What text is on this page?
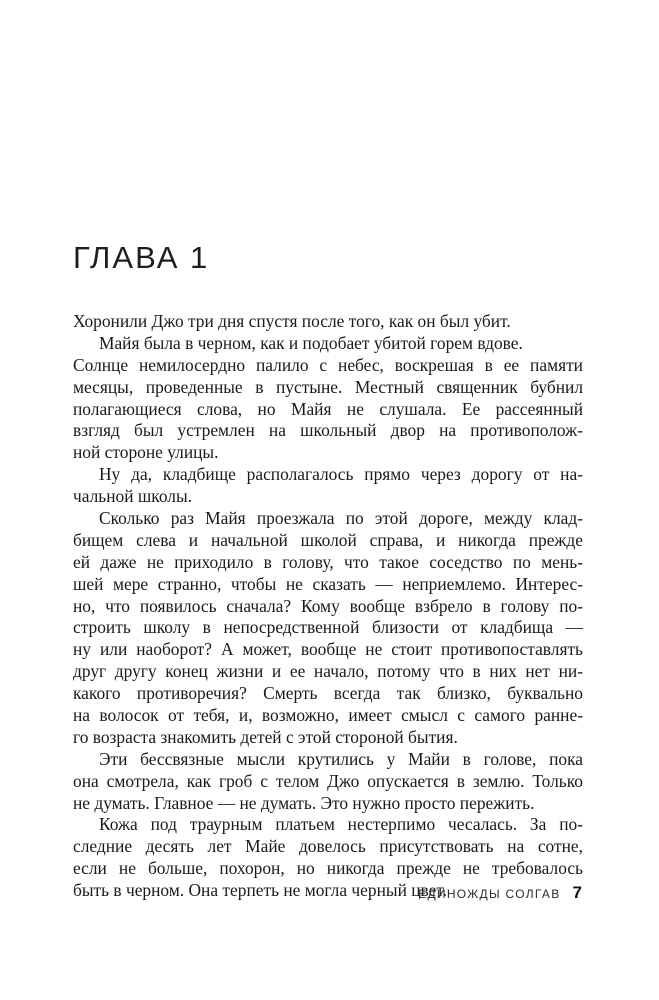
ГЛАВА 1
Хоронили Джо три дня спустя после того, как он был убит.
Майя была в черном, как и подобает убитой горем вдове.
Солнце немилосердно палило с небес, воскрешая в ее памяти
месяцы, проведенные в пустыне. Местный священник бубнил
полагающиеся слова, но Майя не слушала. Ее рассеянный
взгляд был устремлен на школьный двор на противополож-
ной стороне улицы.
Ну да, кладбище располагалось прямо через дорогу от на-
чальной школы.
Сколько раз Майя проезжала по этой дороге, между клад-
бищем слева и начальной школой справа, и никогда прежде
ей даже не приходило в голову, что такое соседство по мень-
шей мере странно, чтобы не сказать — неприемлемо. Интерес-
но, что появилось сначала? Кому вообще взбрело в голову по-
строить школу в непосредственной близости от кладбища —
ну или наоборот? А может, вообще не стоит противопоставлять
друг другу конец жизни и ее начало, потому что в них нет ни-
какого противоречия? Смерть всегда так близко, буквально
на волосок от тебя, и, возможно, имеет смысл с самого ранне-
го возраста знакомить детей с этой стороной бытия.
Эти бессвязные мысли крутились у Майи в голове, пока
она смотрела, как гроб с телом Джо опускается в землю. Только
не думать. Главное — не думать. Это нужно просто пережить.
Кожа под траурным платьем нестерпимо чесалась. За по-
следние десять лет Майе довелось присутствовать на сотне,
если не больше, похорон, но никогда прежде не требовалось
быть в черном. Она терпеть не могла черный цвет.
ЕДИНОЖДЫ СОЛГАВ 7
